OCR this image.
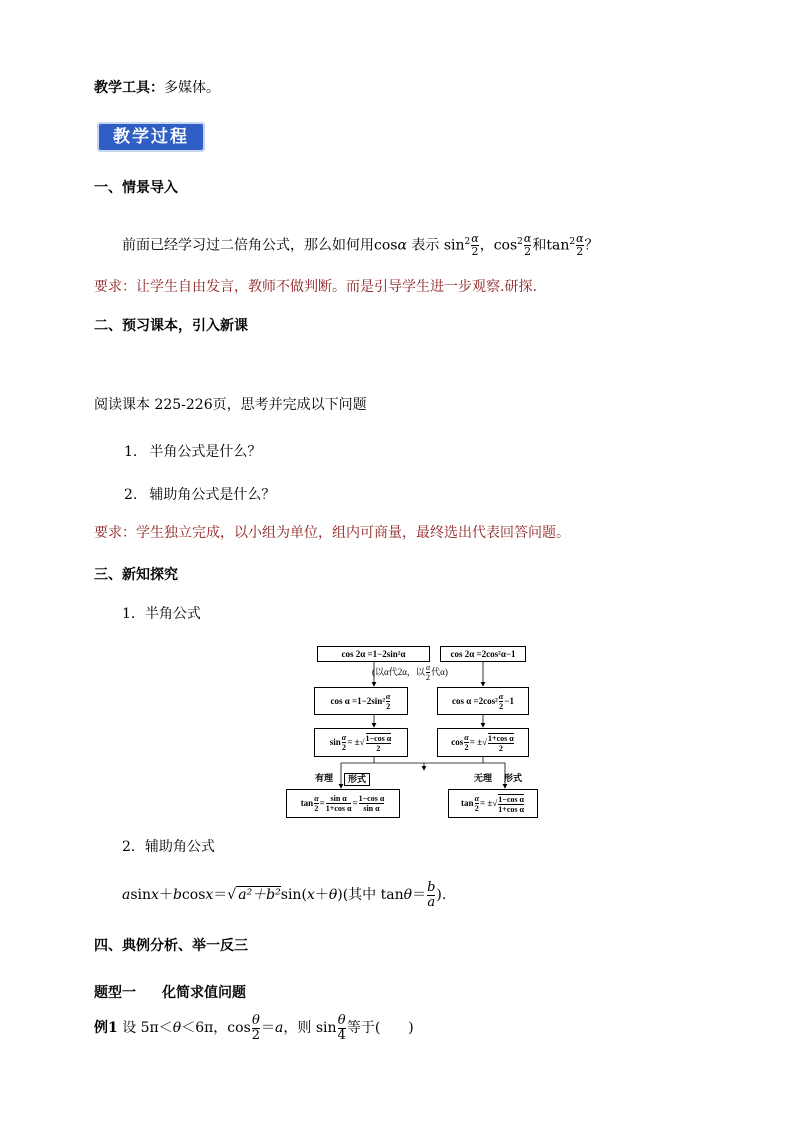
教学工具：多媒体。
教学过程
一、情景导入
前面已经学习过二倍角公式，那么如何用cosα 表示 $\sin^2 \frac{\alpha}{2}$ ，$\cos^2 \frac{\alpha}{2}$ 和$\tan^2 \frac{\alpha}{2}$ ？
要求：让学生自由发言，教师不做判断。而是引导学生进一步观察.研探.
二、预习课本，引入新课
阅读课本 225-226页，思考并完成以下问题
1. 半角公式是什么？
2. 辅助角公式是什么？
要求：学生独立完成，以小组为单位，组内可商量，最终选出代表回答问题。
三、新知探究
1．半角公式
cos 2α =1−2sin²α	cos 2α =2cos²α−1
(以α代2α，以 $\frac{\alpha}{2}$ 代α)
$\cos \alpha =1-2\sin^2 \frac{\alpha}{2}$	$\cos \alpha =2\cos^2 \frac{\alpha}{2} -1$
$\sin \frac{\alpha}{2}$ = ± √ $\frac{\text{1−cos α}}{2}$	$\cos \frac{\alpha}{2}$ = ± √ $\frac{\text{1+cos α}}{2}$
有理	形式	无理	形式
$\tan \frac{\alpha}{2} = \frac{\text{sin α}}{\text{1+cos α}} = \frac{\text{1−cos α}}{\text{sin α}}$	$\tan \frac{\alpha}{2}$ = ±√ $\frac{\text{1−cos α}}{\text{1+cos α}}$
2．辅助角公式
asinx＋bcosx＝√ a²＋b²sin(x＋θ)(其中 $\tan\theta= \frac{b}{a}$ ).
四、典例分析、举一反三
题型一 化简求值问题
例1 设 5π＜θ＜6π，$\cos \frac{\theta}{2} =a$，则 $\sin \frac{\theta}{4}$ 等于(　　)
